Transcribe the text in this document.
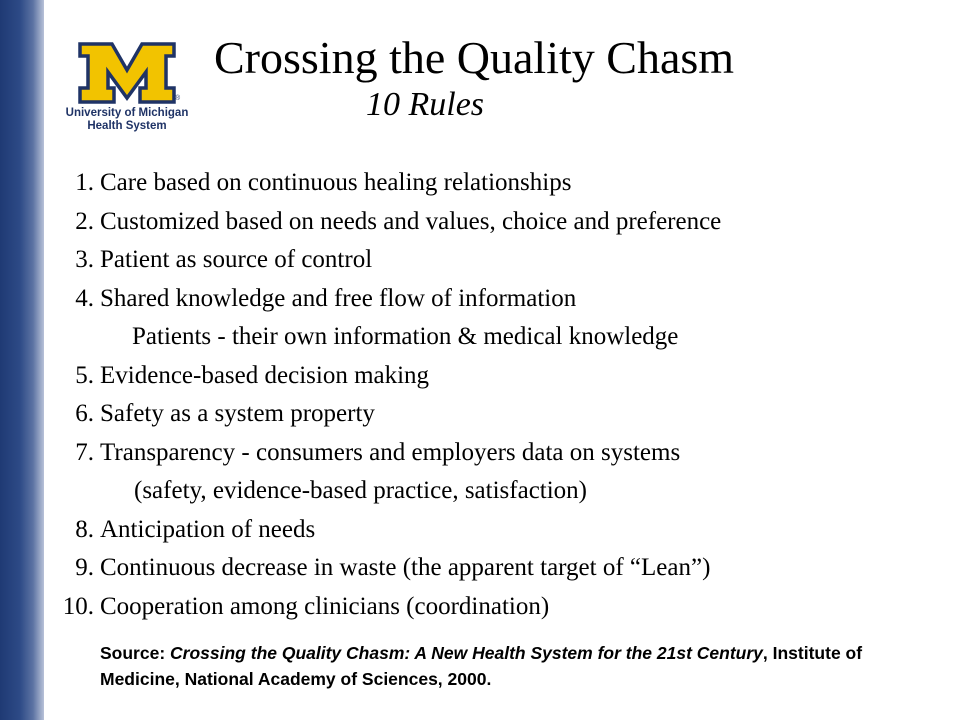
®
University of Michigan
Health System
Crossing the Quality Chasm
10 Rules
1. Care based on continuous healing relationships
2. Customized based on needs and values, choice and preference
3. Patient as source of control
4. Shared knowledge and free flow of information
Patients - their own information & medical knowledge
5. Evidence-based decision making
6. Safety as a system property
7. Transparency - consumers and employers data on systems
(safety, evidence-based practice, satisfaction)
8. Anticipation of needs
9. Continuous decrease in waste (the apparent target of “Lean”)
10. Cooperation among clinicians (coordination)
Source: Crossing the Quality Chasm: A New Health System for the 21st Century, Institute of Medicine, National Academy of Sciences, 2000.
